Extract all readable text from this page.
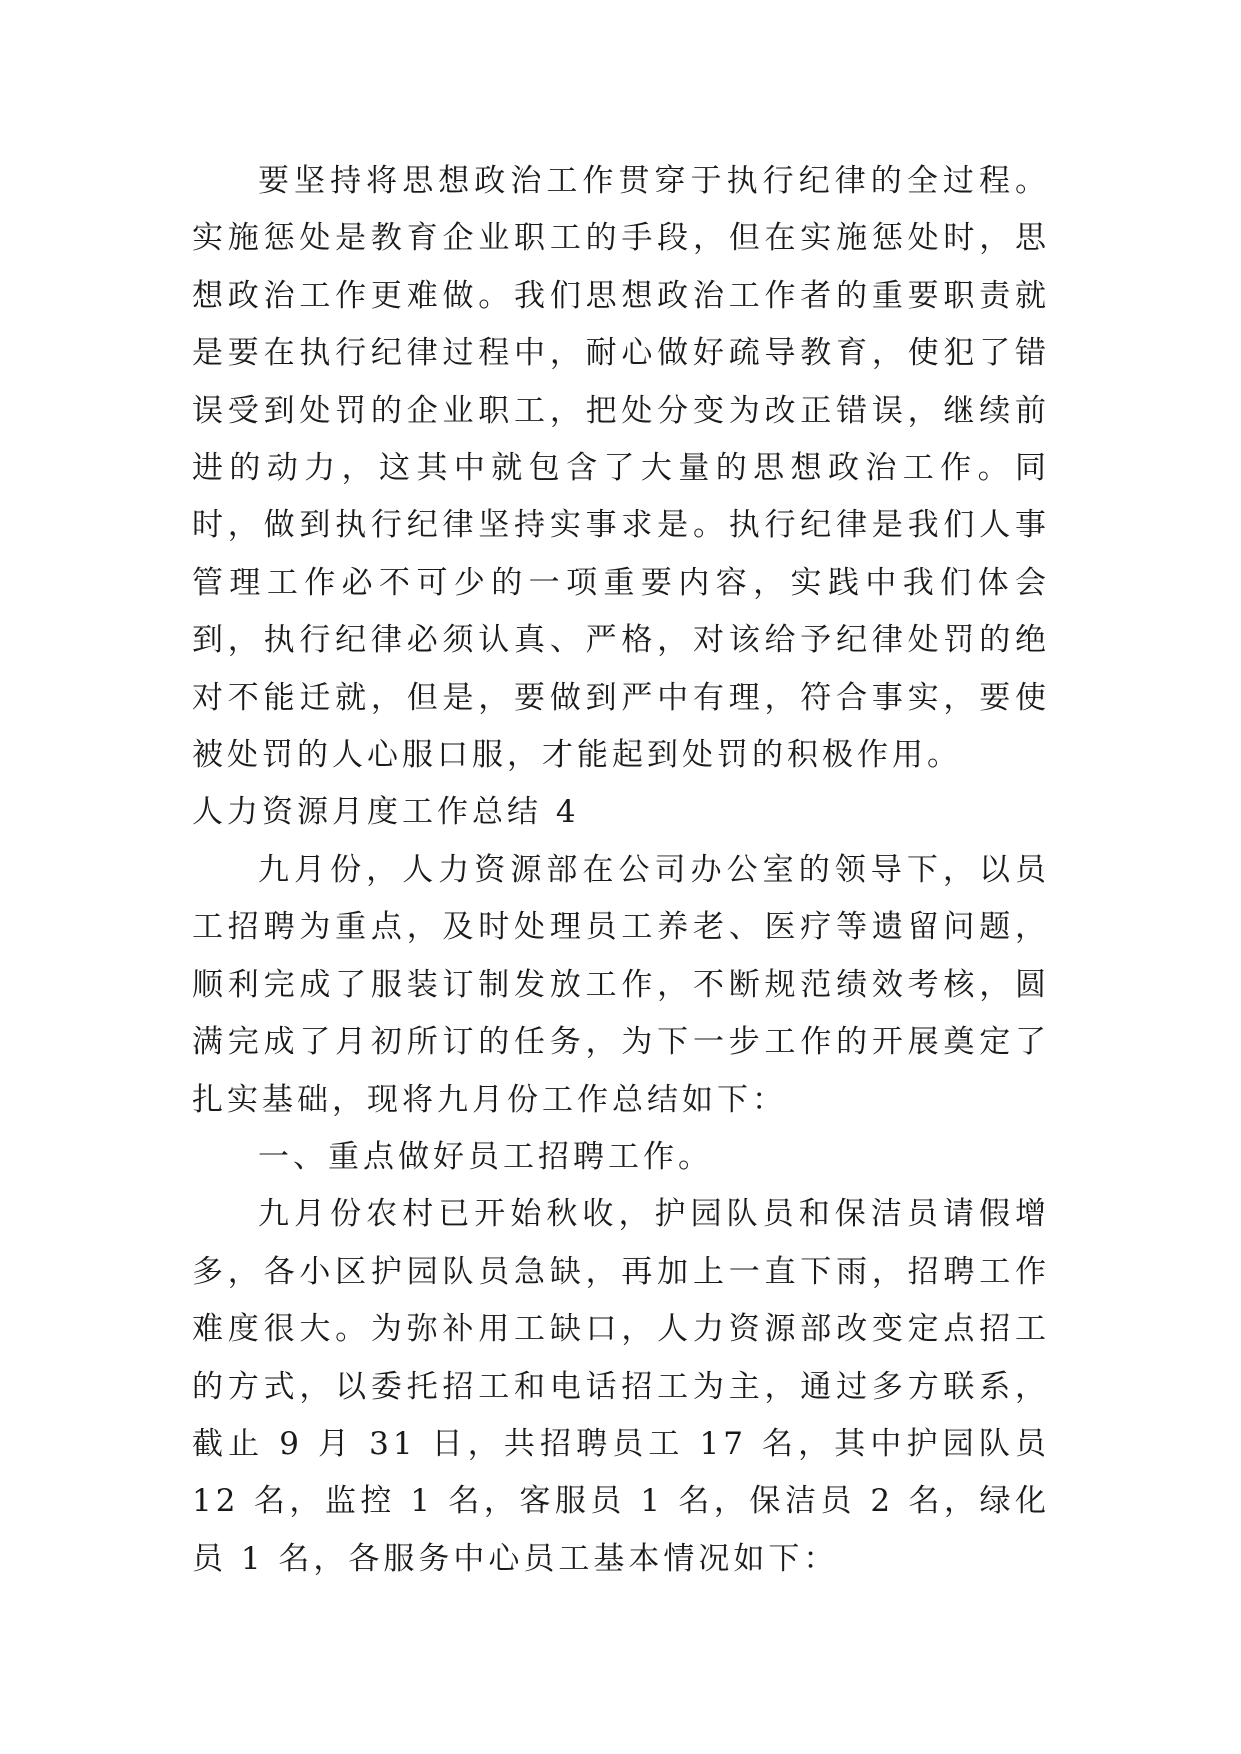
要坚持将思想政治工作贯穿于执行纪律的全过程。实施惩处是教育企业职工的手段，但在实施惩处时，思想政治工作更难做。我们思想政治工作者的重要职责就是要在执行纪律过程中，耐心做好疏导教育，使犯了错误受到处罚的企业职工，把处分变为改正错误，继续前进的动力，这其中就包含了大量的思想政治工作。同时，做到执行纪律坚持实事求是。执行纪律是我们人事管理工作必不可少的一项重要内容，实践中我们体会到，执行纪律必须认真、严格，对该给予纪律处罚的绝对不能迁就，但是，要做到严中有理，符合事实，要使被处罚的人心服口服，才能起到处罚的积极作用。

人力资源月度工作总结 4

九月份，人力资源部在公司办公室的领导下，以员工招聘为重点，及时处理员工养老、医疗等遗留问题，顺利完成了服装订制发放工作，不断规范绩效考核，圆满完成了月初所订的任务，为下一步工作的开展奠定了扎实基础，现将九月份工作总结如下：

一、重点做好员工招聘工作。

九月份农村已开始秋收，护园队员和保洁员请假增多，各小区护园队员急缺，再加上一直下雨，招聘工作难度很大。为弥补用工缺口，人力资源部改变定点招工的方式，以委托招工和电话招工为主，通过多方联系，截止 9 月 31 日，共招聘员工 17 名，其中护园队员 12 名，监控 1 名，客服员 1 名，保洁员 2 名，绿化员 1 名，各服务中心员工基本情况如下：
